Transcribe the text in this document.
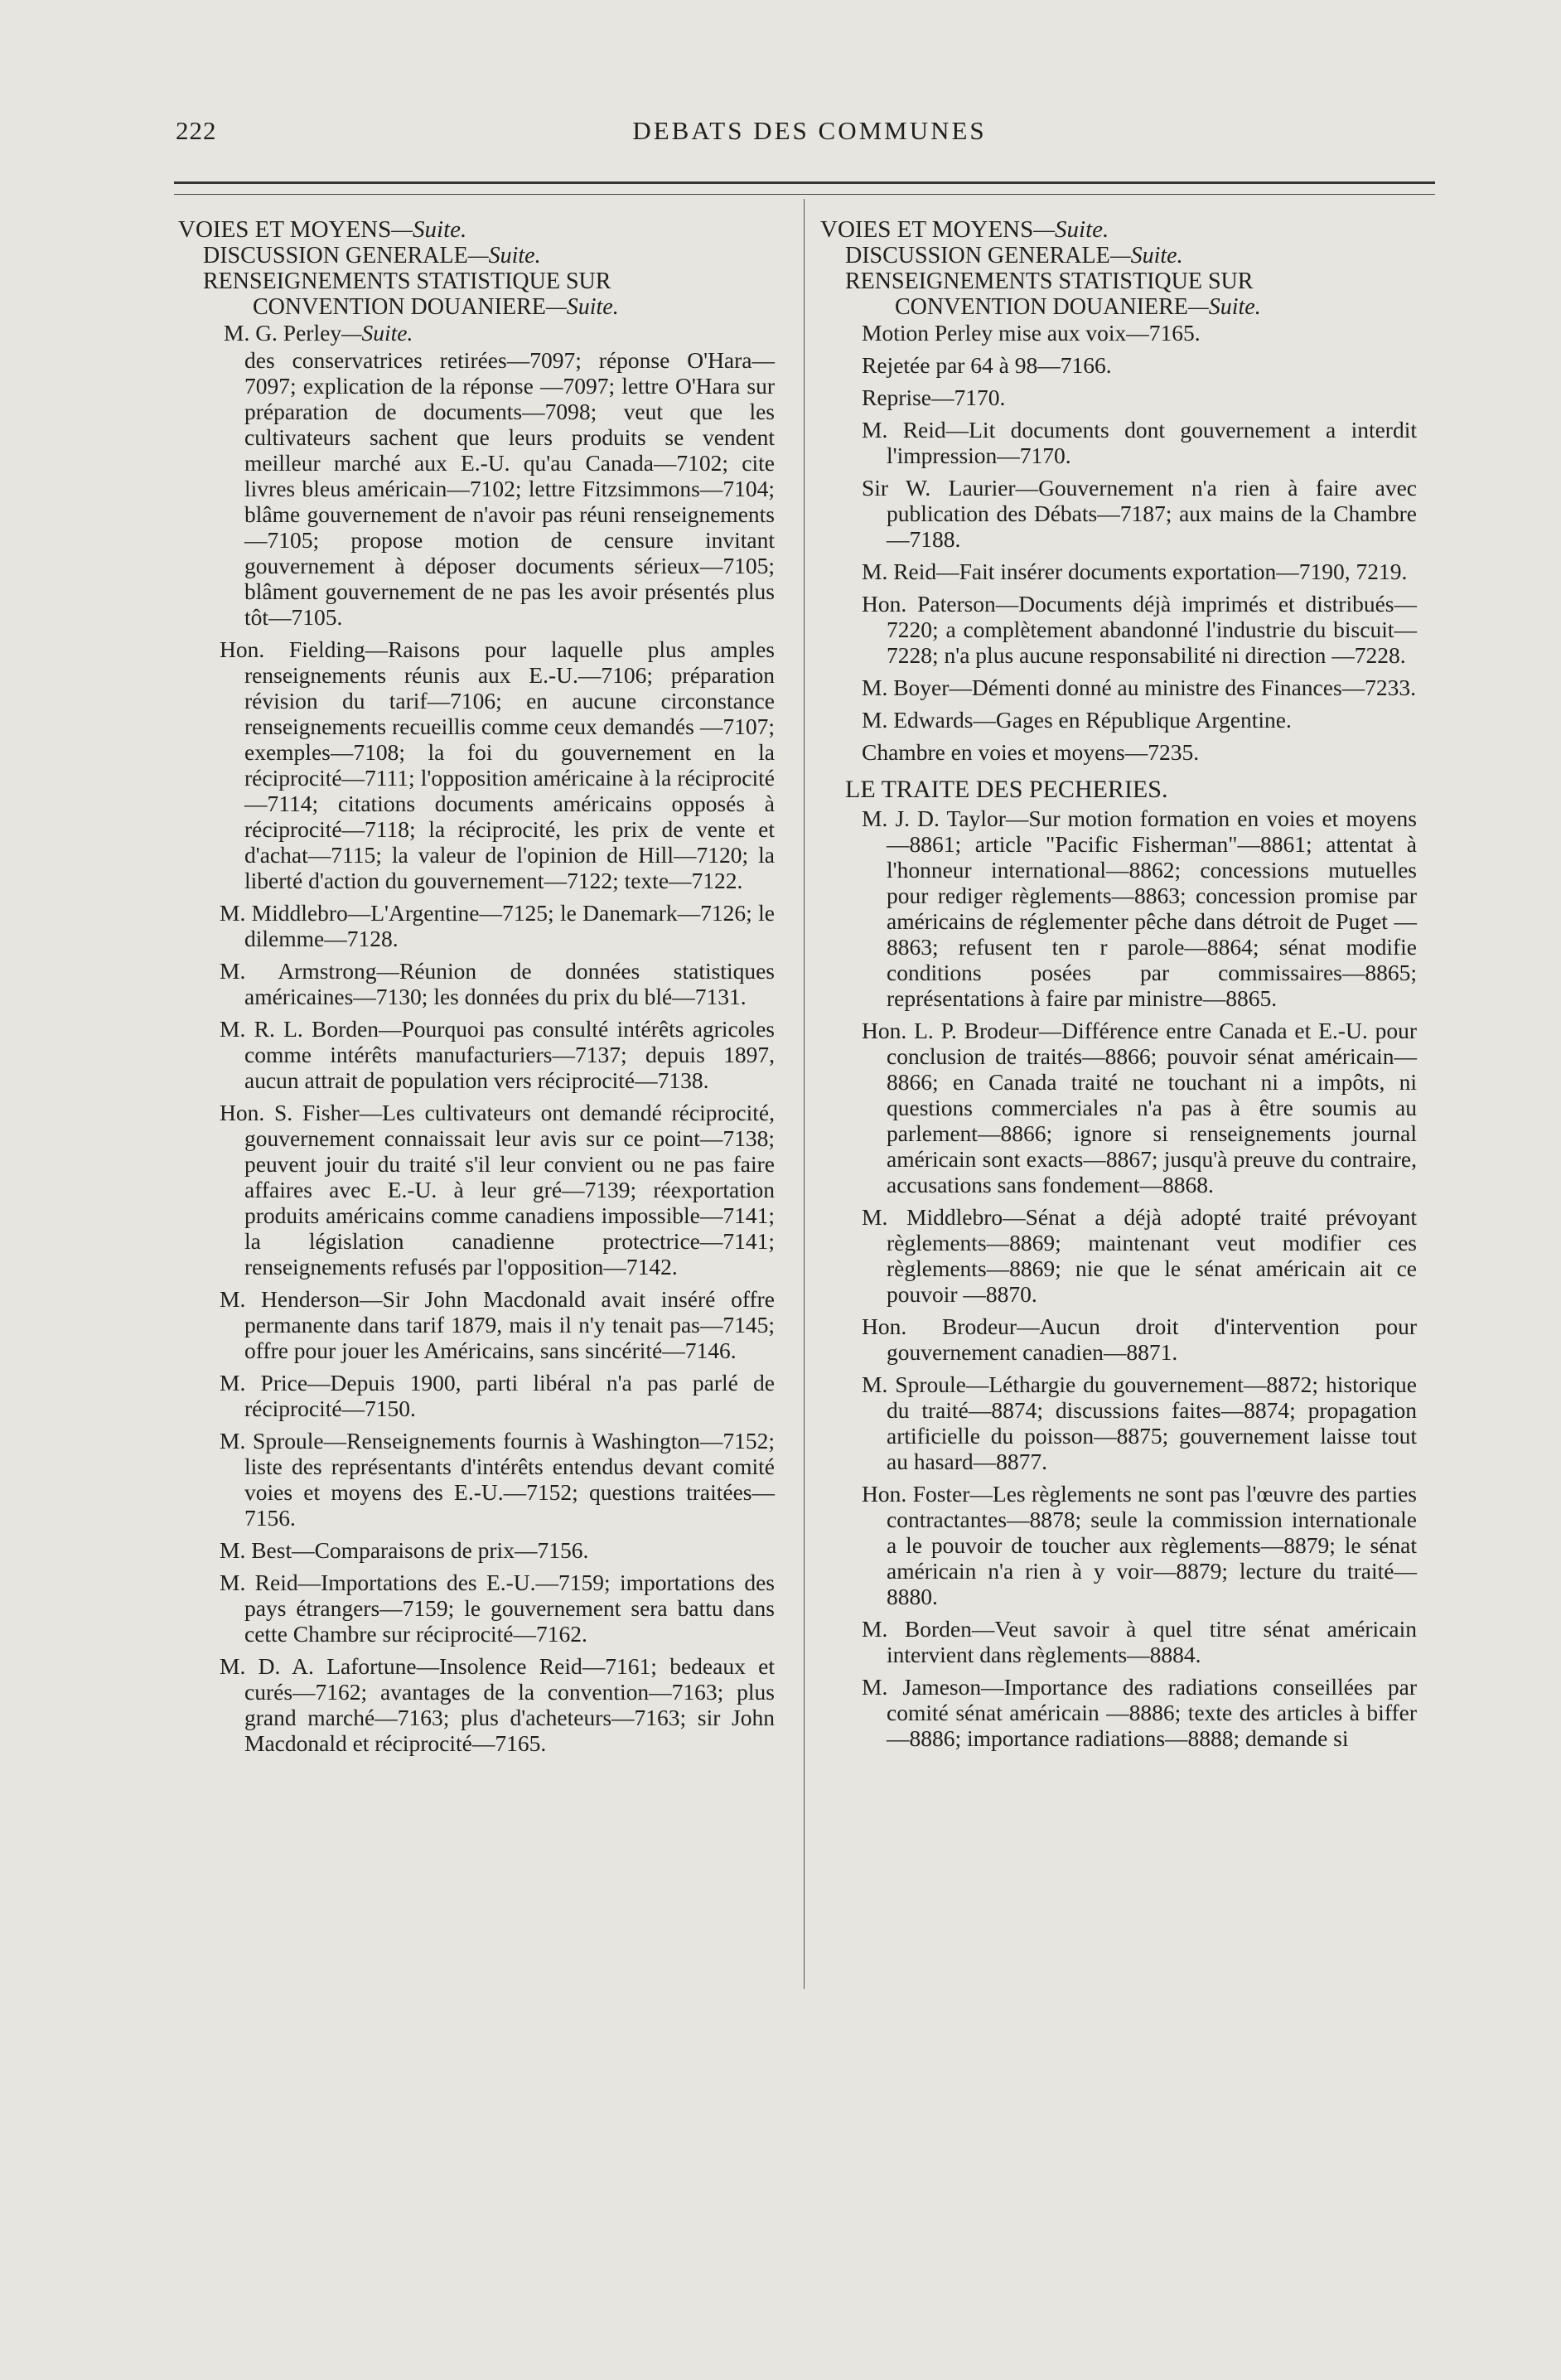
222	DEBATS DES COMMUNES

VOIES ET MOYENS—Suite.

DISCUSSION GENERALE—Suite.

RENSEIGNEMENTS STATISTIQUE SUR
CONVENTION DOUANIERE—Suite.

M. G. Perley—Suite.

des conservatrices retirées—7097; réponse O'Hara—7097; explication de la réponse —7097; lettre O'Hara sur préparation de documents—7098; veut que les cultivateurs sachent que leurs produits se vendent meilleur marché aux E.-U. qu'au Canada—7102; cite livres bleus américain—7102; lettre Fitzsimmons—7104; blâme gouvernement de n'avoir pas réuni renseignements—7105; propose motion de censure invitant gouvernement à déposer documents sérieux—7105; blâment gouvernement de ne pas les avoir présentés plus tôt—7105.

Hon. Fielding—Raisons pour laquelle plus amples renseignements réunis aux E.-U.—7106; préparation révision du tarif—7106; en aucune circonstance renseignements recueillis comme ceux demandés —7107; exemples—7108; la foi du gouvernement en la réciprocité—7111; l'opposition américaine à la réciprocité—7114; citations documents américains opposés à réciprocité—7118; la réciprocité, les prix de vente et d'achat—7115; la valeur de l'opinion de Hill—7120; la liberté d'action du gouvernement—7122; texte—7122.

M. Middlebro—L'Argentine—7125; le Danemark—7126; le dilemme—7128.

M. Armstrong—Réunion de données statistiques américaines—7130; les données du prix du blé—7131.

M. R. L. Borden—Pourquoi pas consulté intérêts agricoles comme intérêts manufacturiers—7137; depuis 1897, aucun attrait de population vers réciprocité—7138.

Hon. S. Fisher—Les cultivateurs ont demandé réciprocité, gouvernement connaissait leur avis sur ce point—7138; peuvent jouir du traité s'il leur convient ou ne pas faire affaires avec E.-U. à leur gré—7139; réexportation produits américains comme canadiens impossible—7141; la législation canadienne protectrice—7141; renseignements refusés par l'opposition—7142.

M. Henderson—Sir John Macdonald avait inséré offre permanente dans tarif 1879, mais il n'y tenait pas—7145; offre pour jouer les Américains, sans sincérité—7146.

M. Price—Depuis 1900, parti libéral n'a pas parlé de réciprocité—7150.

M. Sproule—Renseignements fournis à Washington—7152; liste des représentants d'intérêts entendus devant comité voies et moyens des E.-U.—7152; questions traitées—7156.

M. Best—Comparaisons de prix—7156.

M. Reid—Importations des E.-U.—7159; importations des pays étrangers—7159; le gouvernement sera battu dans cette Chambre sur réciprocité—7162.

M. D. A. Lafortune—Insolence Reid—7161; bedeaux et curés—7162; avantages de la convention—7163; plus grand marché—7163; plus d'acheteurs—7163; sir John Macdonald et réciprocité—7165.

VOIES ET MOYENS—Suite.

DISCUSSION GENERALE—Suite.

RENSEIGNEMENTS STATISTIQUE SUR
CONVENTION DOUANIERE—Suite.

Motion Perley mise aux voix—7165.

Rejetée par 64 à 98—7166.

Reprise—7170.

M. Reid—Lit documents dont gouvernement a interdit l'impression—7170.

Sir W. Laurier—Gouvernement n'a rien à faire avec publication des Débats—7187; aux mains de la Chambre—7188.

M. Reid—Fait insérer documents exportation—7190, 7219.

Hon. Paterson—Documents déjà imprimés et distribués—7220; a complètement abandonné l'industrie du biscuit—7228; n'a plus aucune responsabilité ni direction —7228.

M. Boyer—Démenti donné au ministre des Finances—7233.

M. Edwards—Gages en République Argentine.

Chambre en voies et moyens—7235.

LE TRAITE DES PECHERIES.

M. J. D. Taylor—Sur motion formation en voies et moyens—8861; article "Pacific Fisherman"—8861; attentat à l'honneur international—8862; concessions mutuelles pour rediger règlements—8863; concession promise par américains de réglementer pêche dans détroit de Puget —8863; refusent ten r parole—8864; sénat modifie conditions posées par commissaires—8865; représentations à faire par ministre—8865.

Hon. L. P. Brodeur—Différence entre Canada et E.-U. pour conclusion de traités—8866; pouvoir sénat américain—8866; en Canada traité ne touchant ni a impôts, ni questions commerciales n'a pas à être soumis au parlement—8866; ignore si renseignements journal américain sont exacts—8867; jusqu'à preuve du contraire, accusations sans fondement—8868.

M. Middlebro—Sénat a déjà adopté traité prévoyant règlements—8869; maintenant veut modifier ces règlements—8869; nie que le sénat américain ait ce pouvoir —8870.

Hon. Brodeur—Aucun droit d'intervention pour gouvernement canadien—8871.

M. Sproule—Léthargie du gouvernement—8872; historique du traité—8874; discussions faites—8874; propagation artificielle du poisson—8875; gouvernement laisse tout au hasard—8877.

Hon. Foster—Les règlements ne sont pas l'œuvre des parties contractantes—8878; seule la commission internationale a le pouvoir de toucher aux règlements—8879; le sénat américain n'a rien à y voir—8879; lecture du traité—8880.

M. Borden—Veut savoir à quel titre sénat américain intervient dans règlements—8884.

M. Jameson—Importance des radiations conseillées par comité sénat américain —8886; texte des articles à biffer—8886; importance radiations—8888; demande si
